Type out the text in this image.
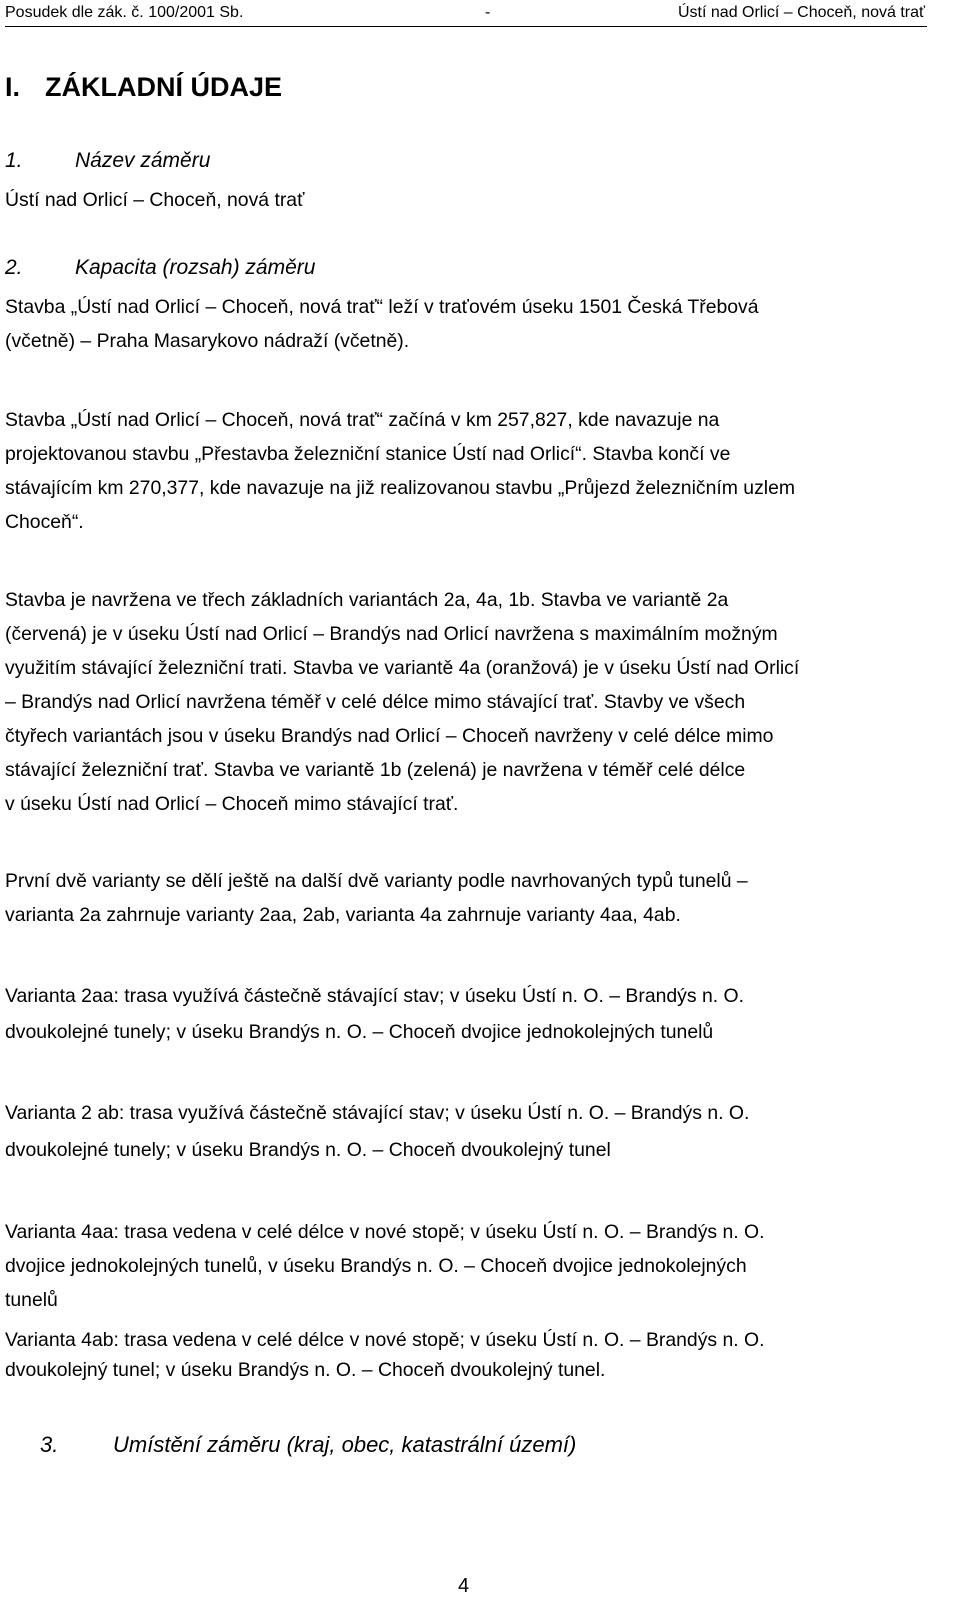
Posudek dle zák. č. 100/2001 Sb.	-	Ústí nad Orlicí – Choceň, nová trať
I. ZÁKLADNÍ ÚDAJE
1. Název záměru

Ústí nad Orlicí – Choceň, nová trať

2. Kapacita (rozsah) záměru

Stavba „Ústí nad Orlicí – Choceň, nová trať“ leží v traťovém úseku 1501 Česká Třebová

(včetně) – Praha Masarykovo nádraží (včetně).

Stavba „Ústí nad Orlicí – Choceň, nová trať“ začíná v km 257,827, kde navazuje na

projektovanou stavbu „Přestavba železniční stanice Ústí nad Orlicí“. Stavba končí ve

stávajícím km 270,377, kde navazuje na již realizovanou stavbu „Průjezd železničním uzlem

Choceň“.

Stavba je navržena ve třech základních variantách 2a, 4a, 1b. Stavba ve variantě 2a

(červená) je v úseku Ústí nad Orlicí – Brandýs nad Orlicí navržena s maximálním možným

využitím stávající železniční trati. Stavba ve variantě 4a (oranžová) je v úseku Ústí nad Orlicí

– Brandýs nad Orlicí navržena téměř v celé délce mimo stávající trať. Stavby ve všech

čtyřech variantách jsou v úseku Brandýs nad Orlicí – Choceň navrženy v celé délce mimo

stávající železniční trať. Stavba ve variantě 1b (zelená) je navržena v téměř celé délce

v úseku Ústí nad Orlicí – Choceň mimo stávající trať.

První dvě varianty se dělí ještě na další dvě varianty podle navrhovaných typů tunelů –

varianta 2a zahrnuje varianty 2aa, 2ab, varianta 4a zahrnuje varianty 4aa, 4ab.

Varianta 2aa: trasa využívá částečně stávající stav; v úseku Ústí n. O. – Brandýs n. O.

dvoukolejné tunely; v úseku Brandýs n. O. – Choceň dvojice jednokolejných tunelů

Varianta 2 ab: trasa využívá částečně stávající stav; v úseku Ústí n. O. – Brandýs n. O.

dvoukolejné tunely; v úseku Brandýs n. O. – Choceň dvoukolejný tunel

Varianta 4aa: trasa vedena v celé délce v nové stopě; v úseku Ústí n. O. – Brandýs n. O.

dvojice jednokolejných tunelů, v úseku Brandýs n. O. – Choceň dvojice jednokolejných

tunelů

Varianta 4ab: trasa vedena v celé délce v nové stopě; v úseku Ústí n. O. – Brandýs n. O.

dvoukolejný tunel; v úseku Brandýs n. O. – Choceň dvoukolejný tunel.

3. Umístění záměru (kraj, obec, katastrální území)
4
